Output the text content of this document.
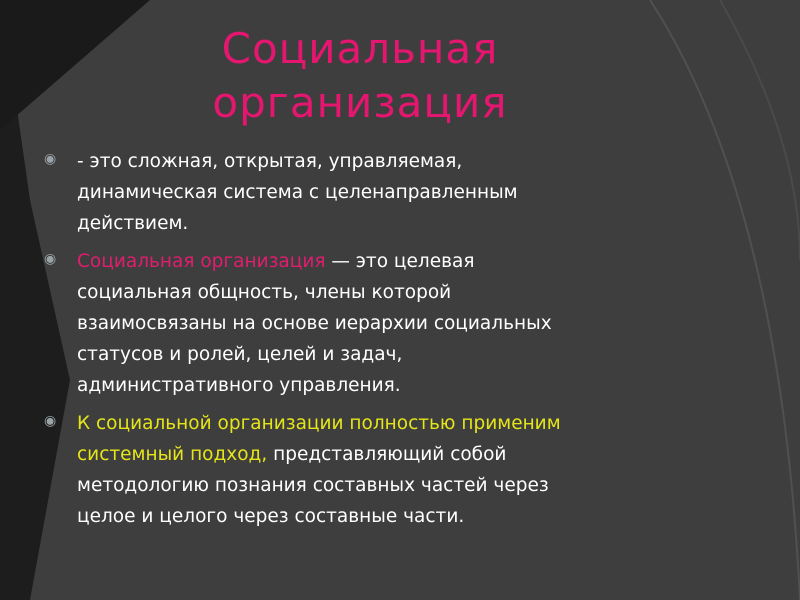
Социальная
организация
◉
- это сложная, открытая, управляемая,
динамическая система с целенаправленным
действием.
◉
Социальная организация — это целевая
социальная общность, члены которой
взаимосвязаны на основе иерархии социальных
статусов и ролей, целей и задач,
административного управления.
◉
К социальной организации полностью применим
системный подход, представляющий собой
методологию познания составных частей через
целое и целого через составные части.
